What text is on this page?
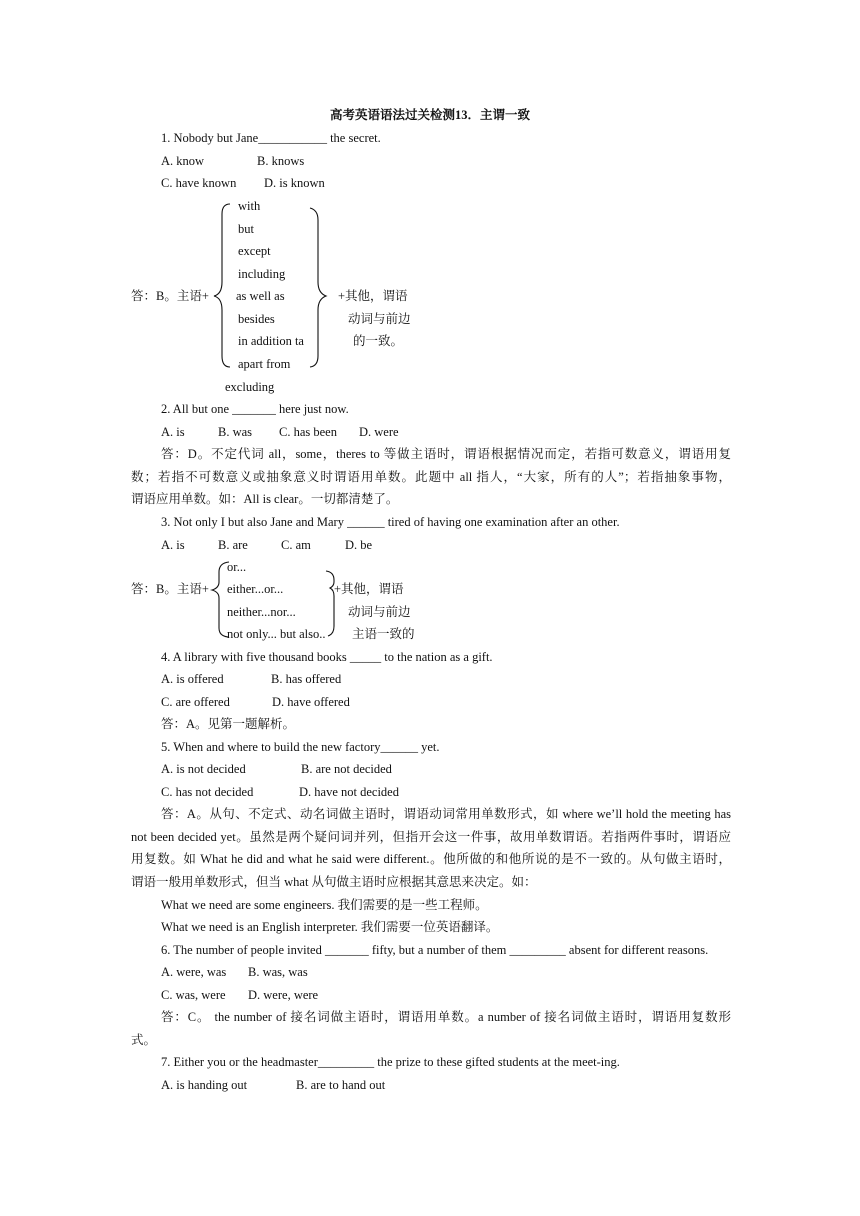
高考英语语法过关检测13．主谓一致
1. Nobody but Jane___________ the secret.
A. know	B. knows
C. have known D. is known
with
but
except
including
答：B。主语+ as well as	+其他，谓语
besides	动词与前边
in addition ta	的一致。
apart from
excluding
2. All but one _______ here just now.
A. is	B. was C. has been D. were
答：D。不定代词 all，some，theres to 等做主语时，谓语根据情况而定，若指可数意义，谓语用复
数；若指不可数意义或抽象意义时谓语用单数。此题中 all 指人，“大家，所有的人”；若指抽象事物，
谓语应用单数。如：All is clear。一切都清楚了。
3. Not only I but also Jane and Mary ______ tired of having one examination after an other.
A. is	B. are	C. am	D. be
or...
答：B。主语+ either...or...	+其他，谓语
neither...nor...	动词与前边
not only... but also.. 主语一致的
4. A library with five thousand books _____ to the nation as a gift.
A. is offered	B. has offered
C. are offered	D. have offered
答：A。见第一题解析。
5. When and where to build the new factory______ yet.
A. is not decided	B. are not decided
C. has not decided	D. have not decided
答：A。从句、不定式、动名词做主语时，谓语动词常用单数形式，如 where we’ll hold the meeting has
not been decided yet。虽然是两个疑问词并列，但指开会这一件事，故用单数谓语。若指两件事时，谓语应
用复数。如 What he did and what he said were different.。他所做的和他所说的是不一致的。从句做主语时，
谓语一般用单数形式，但当 what 从句做主语时应根据其意思来决定。如：
What we need are some engineers. 我们需要的是一些工程师。
What we need is an English interpreter. 我们需要一位英语翻译。
6. The number of people invited _______ fifty, but a number of them _________ absent for different reasons.
A. were, was B. was, was
C. was, were D. were, were
答：C。 the number of 接名词做主语时，谓语用单数。a number of 接名词做主语时，谓语用复数形
式。
7. Either you or the headmaster_________ the prize to these gifted students at the meet-ing.
A. is handing out	B. are to hand out
